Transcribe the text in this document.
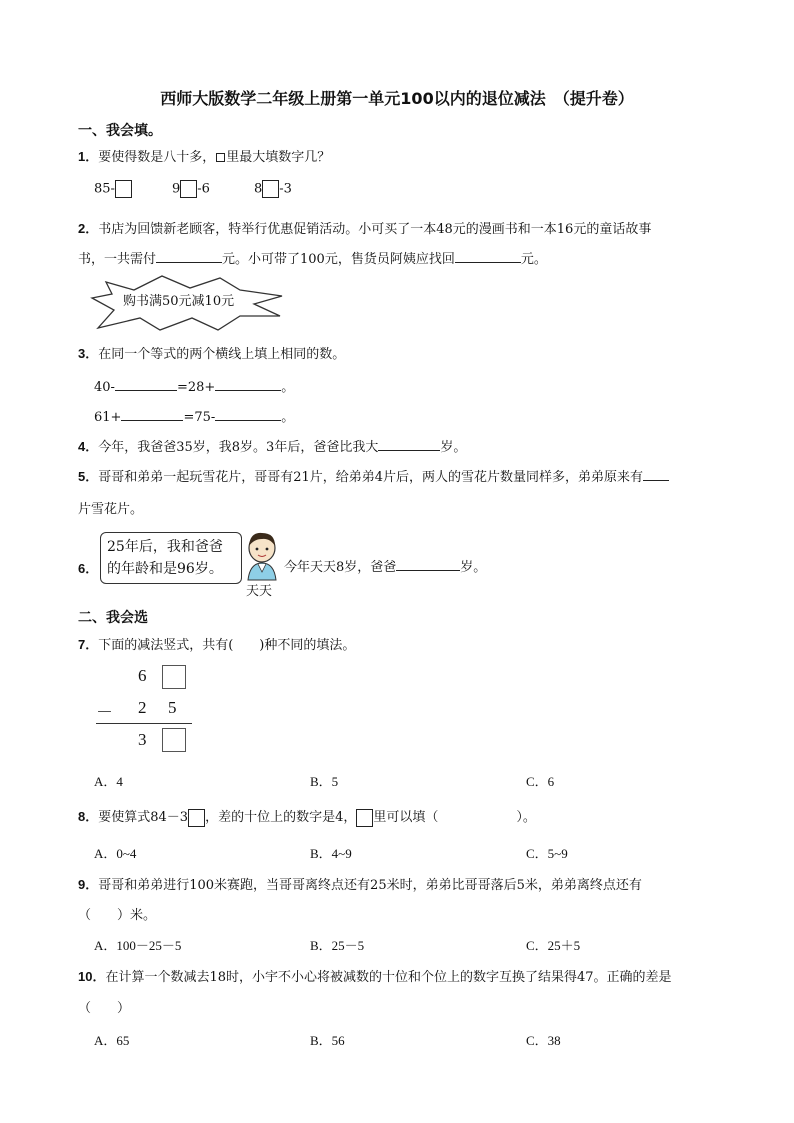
西师大版数学二年级上册第一单元100以内的退位减法　（提升卷）
一、我会填。
1．要使得数是八十多， 里最大填数字几？
85-	9 -6	8 -3
2．书店为回馈新老顾客，特举行优惠促销活动。小可买了一本48元的漫画书和一本16元的童话故事
书，一共需付	元。小可带了100元，售货员阿姨应找回	元。
购书满50元减10元
3．在同一个等式的两个横线上填上相同的数。
40-	=28+	。
61+	=75-	。
4．今年，我爸爸35岁，我8岁。3年后，爸爸比我大	岁。
5．哥哥和弟弟一起玩雪花片，哥哥有21片，给弟弟4片后，两人的雪花片数量同样多，弟弟原来有
片雪花片。
6．
25年后，我和爸爸
的年龄和是96岁。
天天
今年天天8岁，爸爸	岁。
二、我会选
7．下面的减法竖式，共有(　　)种不同的填法。
6
－ 2 5
3
A．4	B．5	C．6
8．要使算式84－3 ，差的十位上的数字是4， 里可以填（　　　　　　）。
A．0~4	B．4~9	C．5~9
9．哥哥和弟弟进行100米赛跑，当哥哥离终点还有25米时，弟弟比哥哥落后5米，弟弟离终点还有
（　　）米。
A．100－25－5	B．25－5	C．25＋5
10．在计算一个数减去18时，小宇不小心将被减数的十位和个位上的数字互换了结果得47。正确的差是
（　　）
A．65	B．56	C．38
